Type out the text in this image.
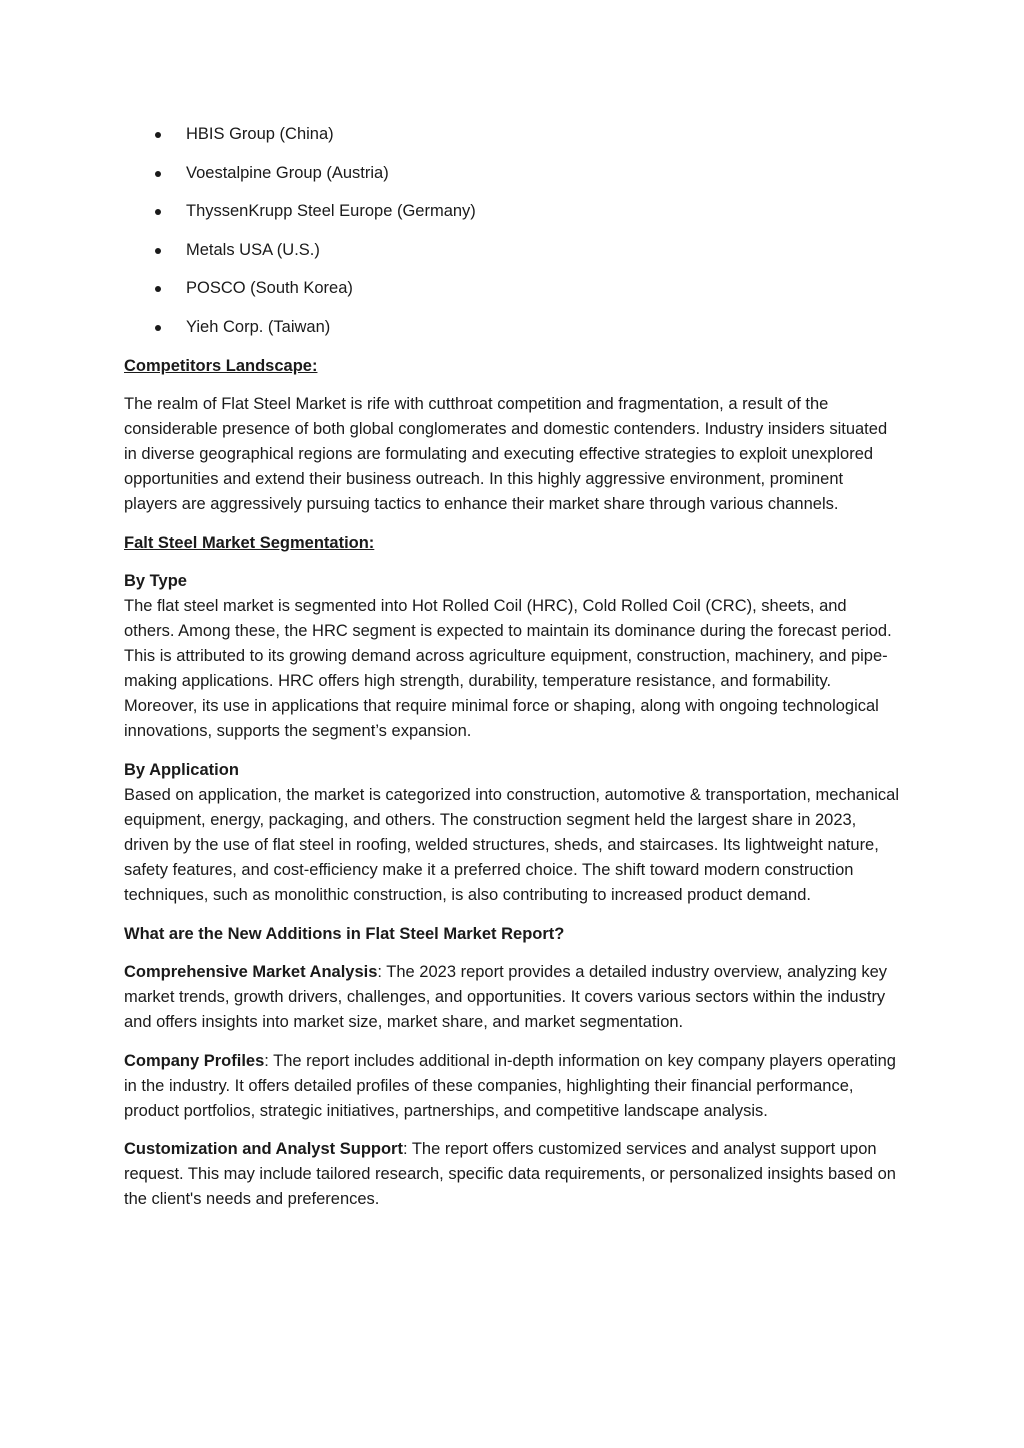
HBIS Group (China)
Voestalpine Group (Austria)
ThyssenKrupp Steel Europe (Germany)
Metals USA (U.S.)
POSCO (South Korea)
Yieh Corp. (Taiwan)
Competitors Landscape:

The realm of Flat Steel Market is rife with cutthroat competition and fragmentation, a result of the considerable presence of both global conglomerates and domestic contenders. Industry insiders situated in diverse geographical regions are formulating and executing effective strategies to exploit unexplored opportunities and extend their business outreach. In this highly aggressive environment, prominent players are aggressively pursuing tactics to enhance their market share through various channels.

Falt Steel Market Segmentation:

By Type
The flat steel market is segmented into Hot Rolled Coil (HRC), Cold Rolled Coil (CRC), sheets, and others. Among these, the HRC segment is expected to maintain its dominance during the forecast period. This is attributed to its growing demand across agriculture equipment, construction, machinery, and pipe-making applications. HRC offers high strength, durability, temperature resistance, and formability. Moreover, its use in applications that require minimal force or shaping, along with ongoing technological innovations, supports the segment’s expansion.

By Application
Based on application, the market is categorized into construction, automotive & transportation, mechanical equipment, energy, packaging, and others. The construction segment held the largest share in 2023, driven by the use of flat steel in roofing, welded structures, sheds, and staircases. Its lightweight nature, safety features, and cost-efficiency make it a preferred choice. The shift toward modern construction techniques, such as monolithic construction, is also contributing to increased product demand.

What are the New Additions in Flat Steel Market Report?

Comprehensive Market Analysis: The 2023 report provides a detailed industry overview, analyzing key market trends, growth drivers, challenges, and opportunities. It covers various sectors within the industry and offers insights into market size, market share, and market segmentation.

Company Profiles: The report includes additional in-depth information on key company players operating in the industry. It offers detailed profiles of these companies, highlighting their financial performance, product portfolios, strategic initiatives, partnerships, and competitive landscape analysis.

Customization and Analyst Support: The report offers customized services and analyst support upon request. This may include tailored research, specific data requirements, or personalized insights based on the client's needs and preferences.
